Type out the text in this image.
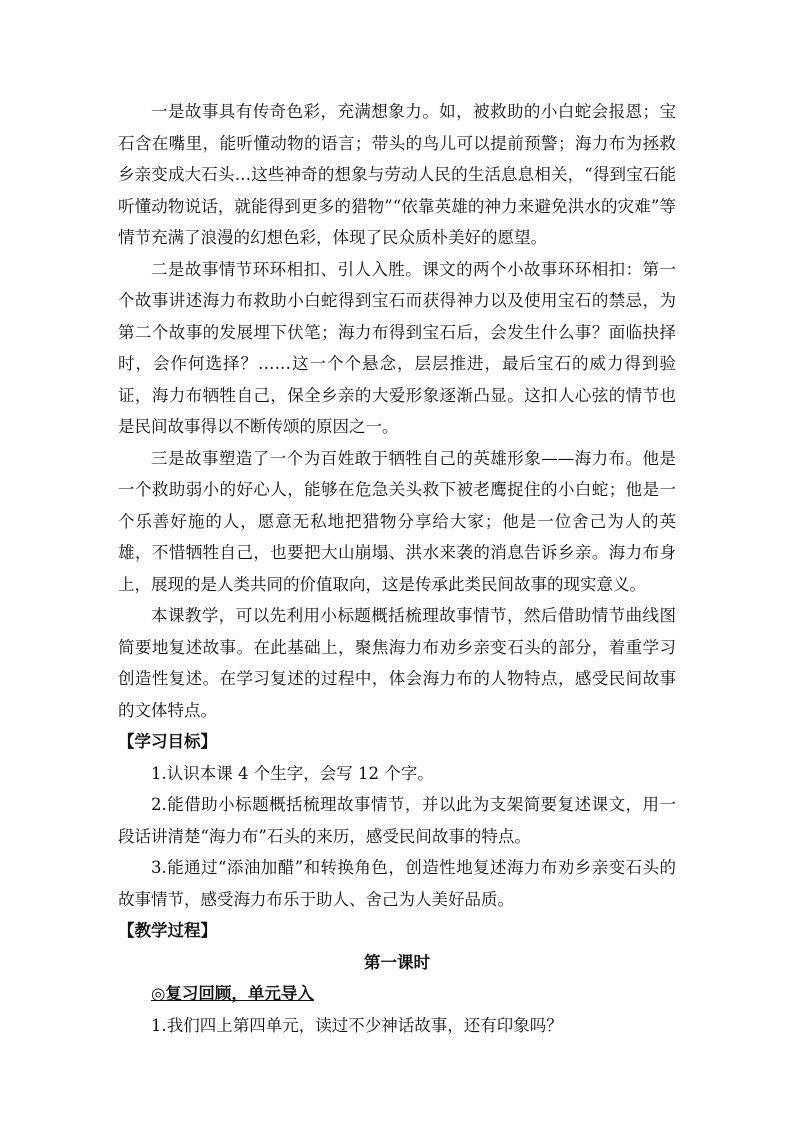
一是故事具有传奇色彩，充满想象力。如，被救助的小白蛇会报恩；宝石含在嘴里，能听懂动物的语言；带头的鸟儿可以提前预警；海力布为拯救乡亲变成大石头…这些神奇的想象与劳动人民的生活息息相关，“得到宝石能听懂动物说话，就能得到更多的猎物”“依靠英雄的神力来避免洪水的灾难”等情节充满了浪漫的幻想色彩，体现了民众质朴美好的愿望。

二是故事情节环环相扣、引人入胜。课文的两个小故事环环相扣：第一个故事讲述海力布救助小白蛇得到宝石而获得神力以及使用宝石的禁忌，为第二个故事的发展埋下伏笔；海力布得到宝石后，会发生什么事？面临抉择时，会作何选择？……这一个个悬念，层层推进，最后宝石的威力得到验证，海力布牺牲自己，保全乡亲的大爱形象逐渐凸显。这扣人心弦的情节也是民间故事得以不断传颂的原因之一。

三是故事塑造了一个为百姓敢于牺牲自己的英雄形象——海力布。他是一个救助弱小的好心人，能够在危急关头救下被老鹰捉住的小白蛇；他是一个乐善好施的人，愿意无私地把猎物分享给大家；他是一位舍己为人的英雄，不惜牺牲自己，也要把大山崩塌、洪水来袭的消息告诉乡亲。海力布身上，展现的是人类共同的价值取向，这是传承此类民间故事的现实意义。

本课教学，可以先利用小标题概括梳理故事情节，然后借助情节曲线图简要地复述故事。在此基础上，聚焦海力布劝乡亲变石头的部分，着重学习创造性复述。在学习复述的过程中，体会海力布的人物特点，感受民间故事的文体特点。

【学习目标】

1.认识本课 4 个生字，会写 12 个字。

2.能借助小标题概括梳理故事情节，并以此为支架简要复述课文，用一段话讲清楚“海力布”石头的来历，感受民间故事的特点。

3.能通过“添油加醋”和转换角色，创造性地复述海力布劝乡亲变石头的故事情节，感受海力布乐于助人、舍己为人美好品质。

【教学过程】

第一课时

◎复习回顾，单元导入

1.我们四上第四单元，读过不少神话故事，还有印象吗？
